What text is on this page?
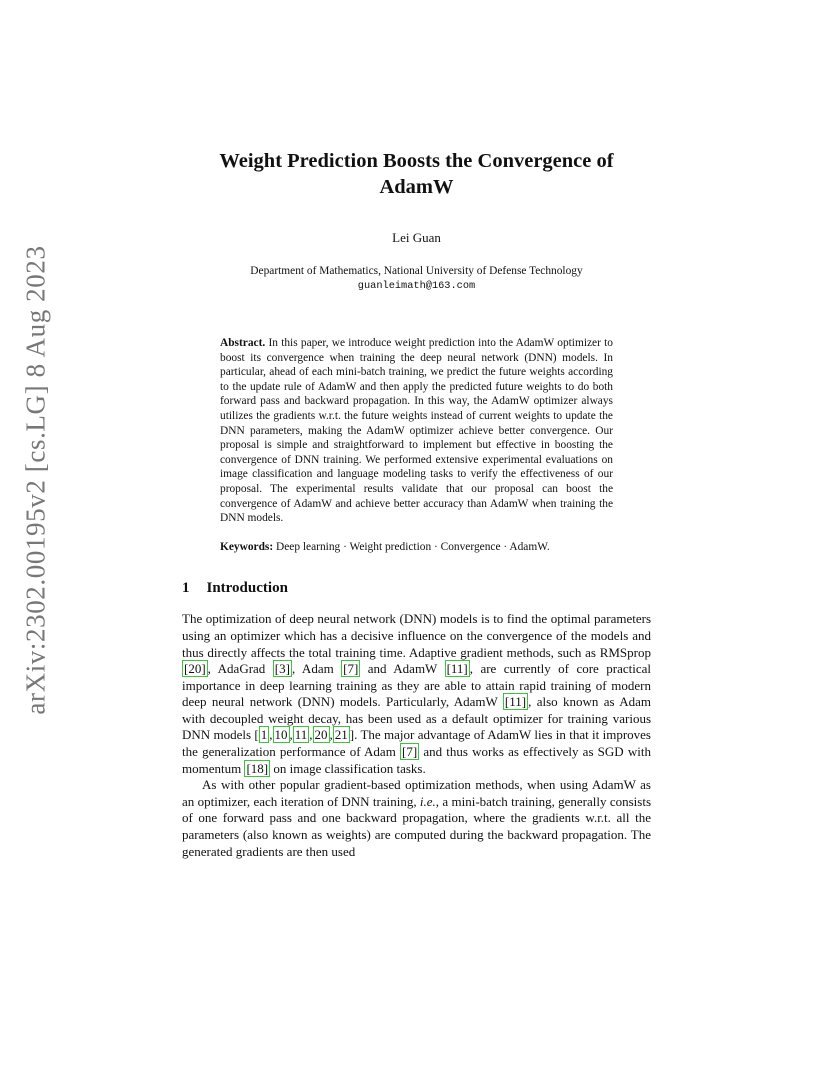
arXiv:2302.00195v2 [cs.LG] 8 Aug 2023
Weight Prediction Boosts the Convergence of
AdamW
Lei Guan
Department of Mathematics, National University of Defense Technology
guanleimath@163.com
Abstract. In this paper, we introduce weight prediction into the AdamW optimizer to boost its convergence when training the deep neural network (DNN) models. In particular, ahead of each mini-batch training, we predict the future weights according to the update rule of AdamW and then apply the predicted future weights to do both forward pass and backward propagation. In this way, the AdamW optimizer always utilizes the gradients w.r.t. the future weights instead of current weights to update the DNN parameters, making the AdamW optimizer achieve better convergence. Our proposal is simple and straightforward to implement but effective in boosting the convergence of DNN training. We performed extensive experimental evaluations on image classification and language modeling tasks to verify the effectiveness of our proposal. The experimental results validate that our proposal can boost the convergence of AdamW and achieve better accuracy than AdamW when training the DNN models.
Keywords: Deep learning · Weight prediction · Convergence · AdamW.
1 Introduction

The optimization of deep neural network (DNN) models is to find the optimal parameters using an optimizer which has a decisive influence on the convergence of the models and thus directly affects the total training time. Adaptive gradient methods, such as RMSprop [20] , AdaGrad [3] , Adam [7] and AdamW [11] , are currently of core practical importance in deep learning training as they are able to attain rapid training of modern deep neural network (DNN) models. Particularly, AdamW [11] , also known as Adam with decoupled weight decay, has been used as a default optimizer for training various DNN models [ 1 , 10 , 11 , 20 , 21 ]. The major advantage of AdamW lies in that it improves the generalization performance of Adam [7] and thus works as effectively as SGD with momentum [18] on image classification tasks.

As with other popular gradient-based optimization methods, when using AdamW as an optimizer, each iteration of DNN training, i.e., a mini-batch training, generally consists of one forward pass and one backward propagation, where the gradients w.r.t. all the parameters (also known as weights) are computed during the backward propagation. The generated gradients are then used
